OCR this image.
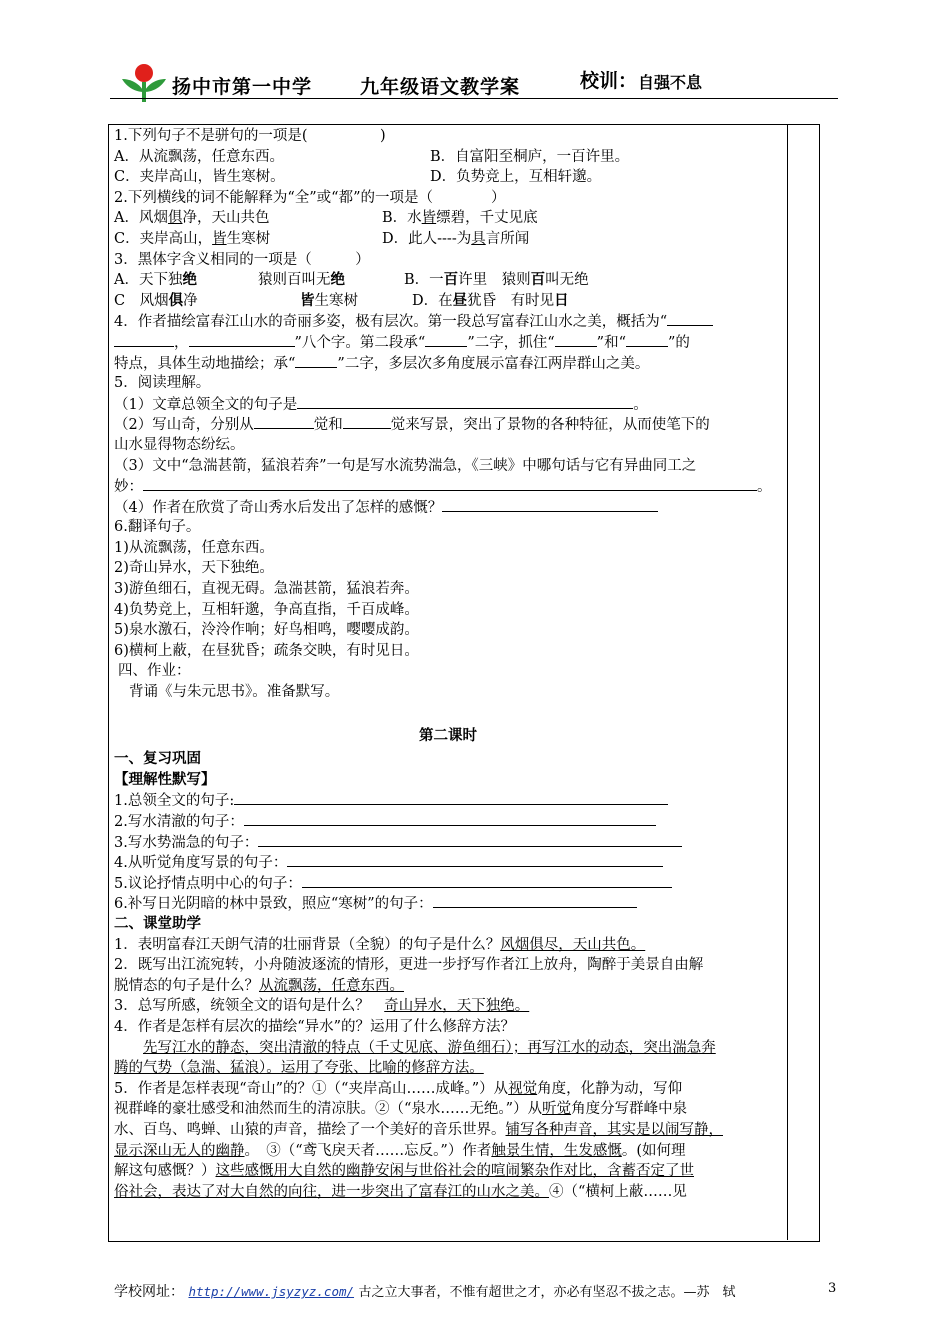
扬中市第一中学	九年级语文教学案	校训： 自强不息
1.下列句子不是骈句的一项是(　　　　　)
A．从流飘荡，任意东西。	B．自富阳至桐庐，一百许里。
C．夹岸高山，皆生寒树。	D．负势竞上，互相轩邈。
2.下列横线的词不能解释为“全”或“都”的一项是（　　　　）
A．风烟俱净，天山共色	B．水皆缥碧，千丈见底
C．夹岸高山，皆生寒树	D．此人----为具言所闻
3．黑体字含义相同的一项是（　　　）
A．天下独绝	猿则百叫无绝	B．一百许里　猿则百叫无绝
C　风烟俱净	皆生寒树	D．在昼犹昏　有时见日
4．作者描绘富春江山水的奇丽多姿，极有层次。第一段总写富春江山水之美，概括为“
，	”八个字。第二段承“	”二字，抓住“	”和“	”的
特点，具体生动地描绘；承“	”二字，多层次多角度展示富春江两岸群山之美。
5．阅读理解。
（1）文章总领全文的句子是	。
（2）写山奇，分别从	觉和	觉来写景，突出了景物的各种特征，从而使笔下的
山水显得物态纷纭。
（3）文中“急湍甚箭，猛浪若奔”一句是写水流势湍急，《三峡》中哪句话与它有异曲同工之
妙：	。
（4）作者在欣赏了奇山秀水后发出了怎样的感慨？
6.翻译句子。
1)从流飘荡，任意东西。
2)奇山异水，天下独绝。
3)游鱼细石，直视无碍。急湍甚箭，猛浪若奔。
4)负势竞上，互相轩邈，争高直指，千百成峰。
5)泉水激石，泠泠作响；好鸟相鸣，嘤嘤成韵。
6)横柯上蔽，在昼犹昏；疏条交映，有时见日。
四、作业：
背诵《与朱元思书》。准备默写。
第二课时
一、复习巩固
【理解性默写】
1.总领全文的句子:
2.写水清澈的句子：
3.写水势湍急的句子：
4.从听觉角度写景的句子：
5.议论抒情点明中心的句子：
6.补写日光阴暗的林中景致，照应“寒树”的句子：
二、课堂助学
1．表明富春江天朗气清的壮丽背景（全貌）的句子是什么？风烟俱尽，天山共色。
2．既写出江流宛转，小舟随波逐流的情形，更进一步抒写作者江上放舟，陶醉于美景自由解
脱情态的句子是什么？从流飘荡，任意东西。
3．总写所感，统领全文的语句是什么？　 奇山异水，天下独绝。
4．作者是怎样有层次的描绘“异水”的？运用了什么修辞方法？
先写江水的静态，突出清澈的特点（千丈见底、游鱼细石）；再写江水的动态，突出湍急奔
腾的气势（急湍、猛浪）。运用了夸张、比喻的修辞方法。
5．作者是怎样表现“奇山”的？①（“夹岸高山……成峰。”）从视觉角度，化静为动，写仰
视群峰的豪壮感受和油然而生的清凉肤。②（“泉水……无绝。”）从听觉角度分写群峰中泉
水、百鸟、鸣蝉、山猿的声音，描绘了一个美好的音乐世界。铺写各种声音，其实是以闹写静，
显示深山无人的幽静。　③（“鸢飞戾天者……忘反。”）作者触景生情，生发感慨。(如何理
解这句感慨？）这些感慨用大自然的幽静安闲与世俗社会的喧闹繁杂作对比，含蓄否定了世
俗社会，表达了对大自然的向往，进一步突出了富春江的山水之美。④（“横柯上蔽……见
学校网址： http://www.jsyzyz.com/ 古之立大事者，不惟有超世之才，亦必有坚忍不拔之志。—苏　轼	3
